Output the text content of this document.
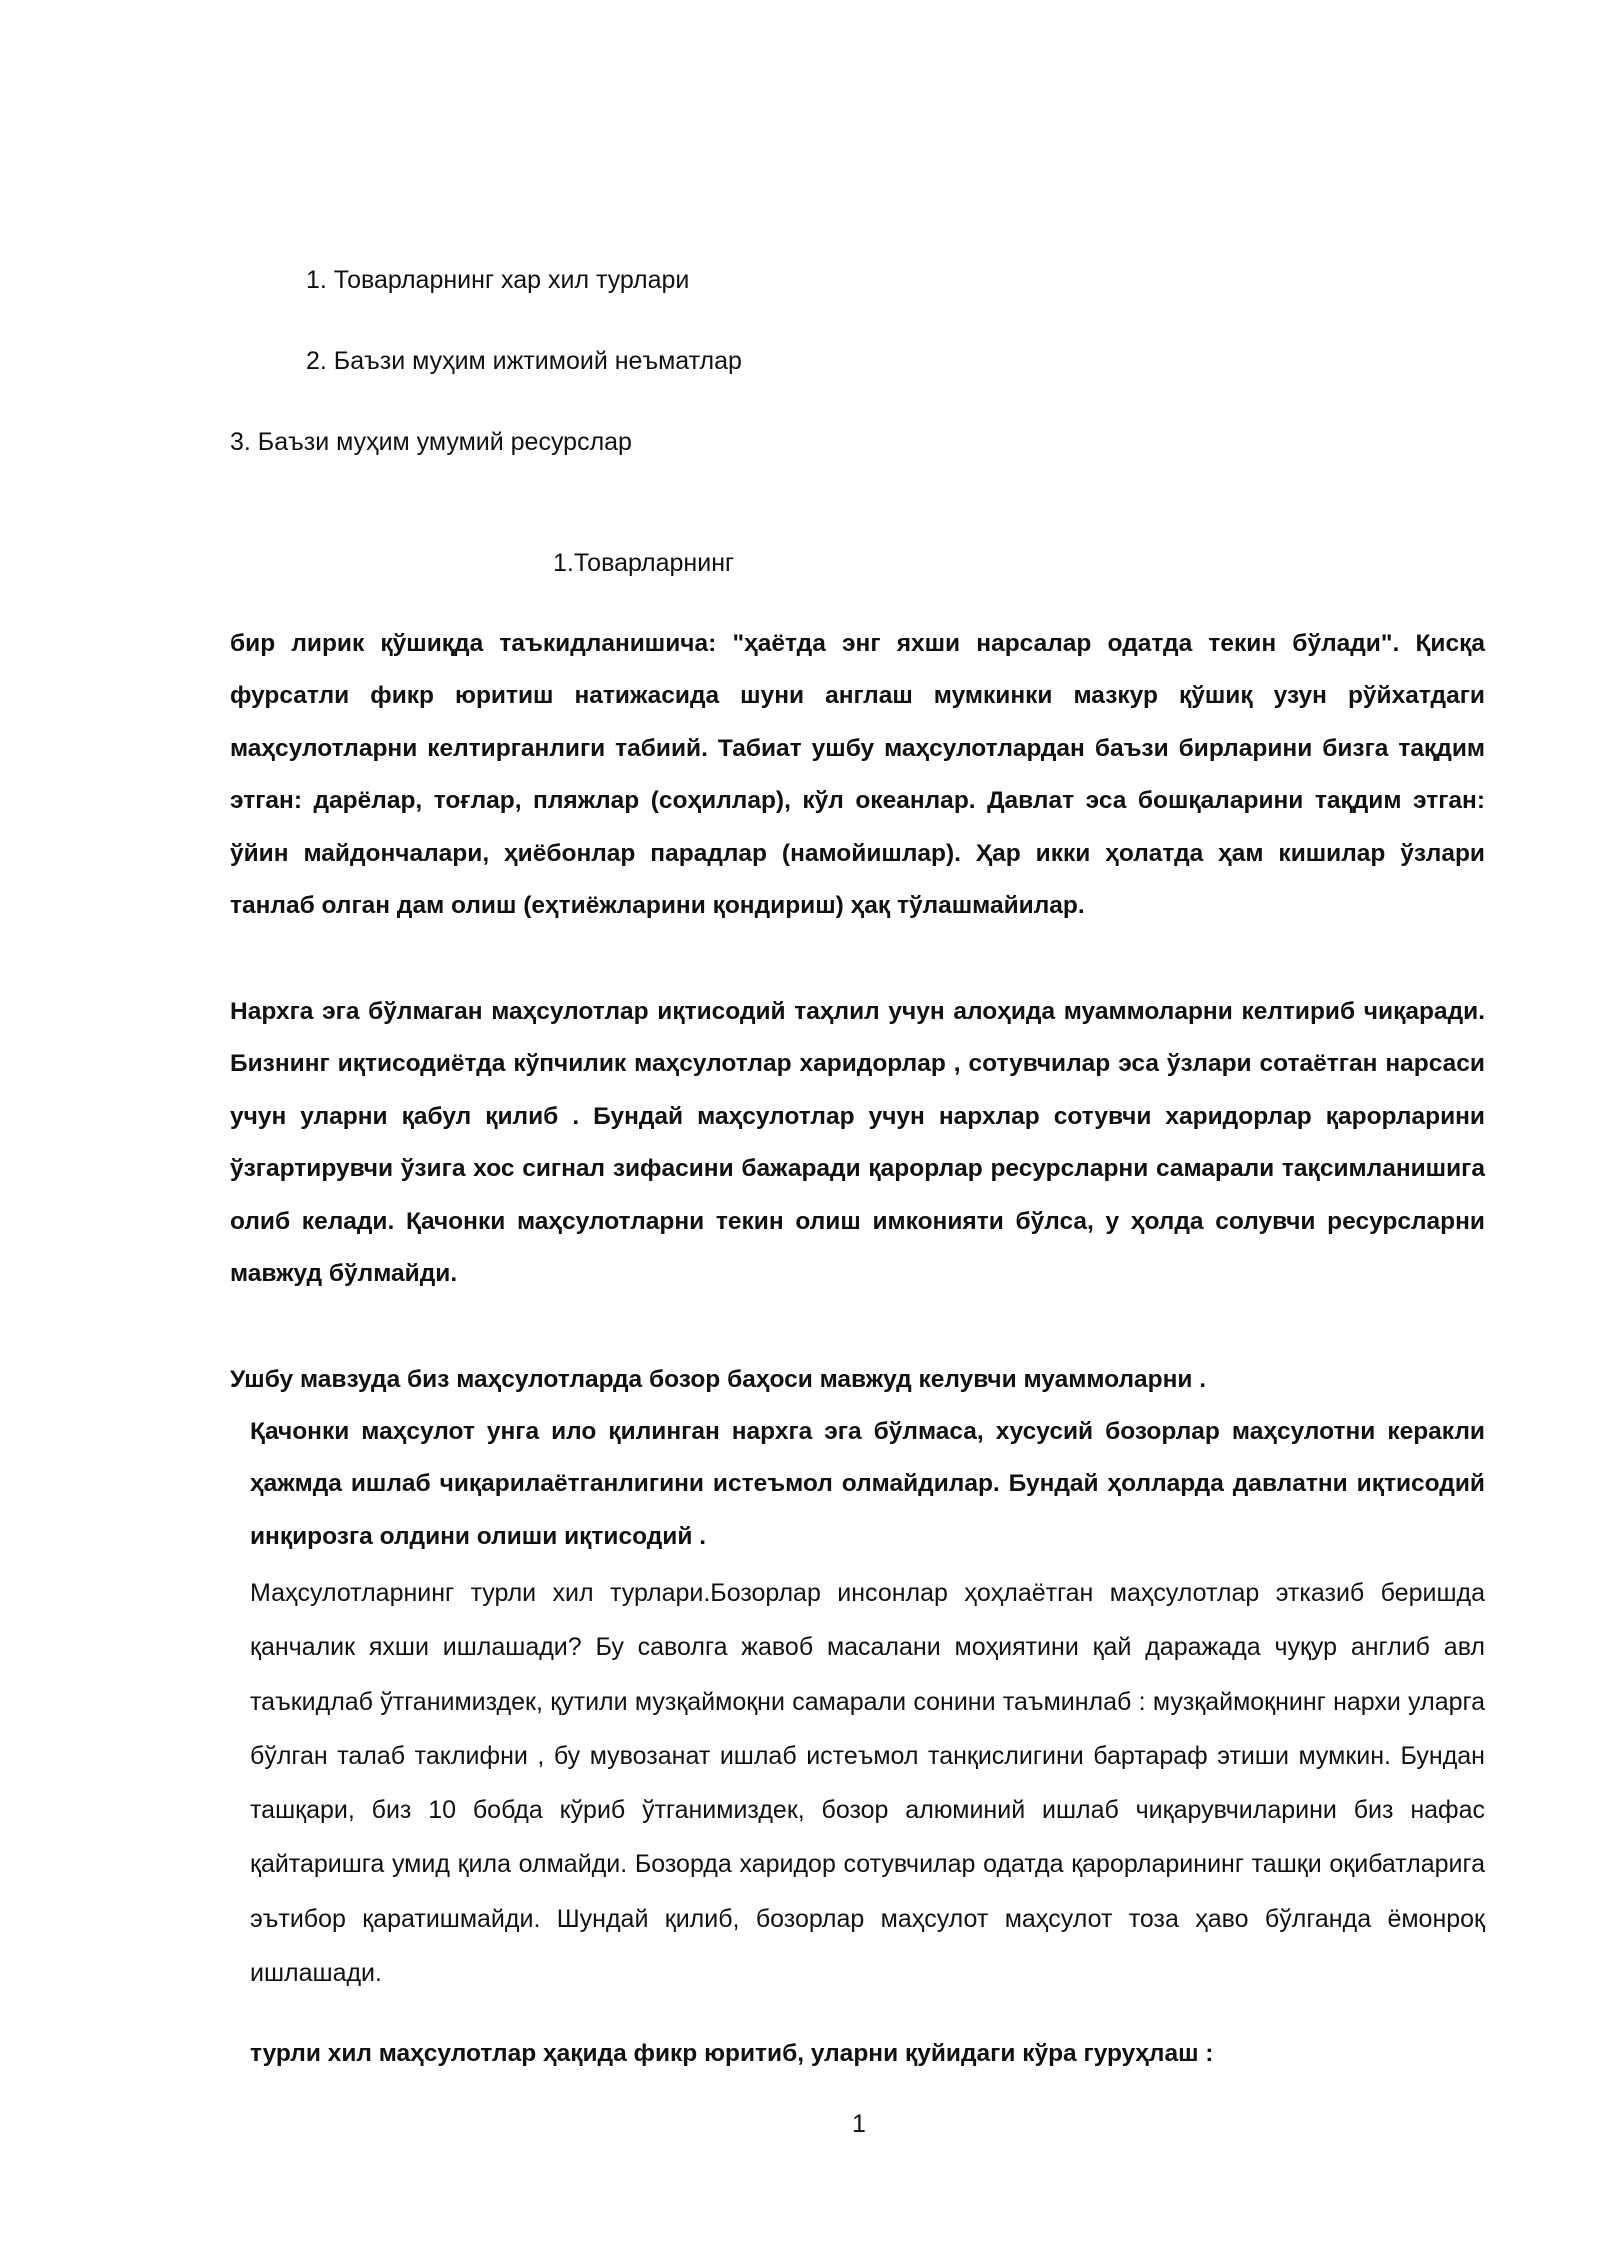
1. Товарларнинг хар хил турлари
2. Баъзи муҳим ижтимоий неъматлар
3. Баъзи муҳим умумий ресурслар
1.Товарларнинг

бир лирик қўшиқда таъкидланишича: "ҳаётда энг яхши нарсалар одатда текин бўлади". Қисқа фурсатли фикр юритиш натижасида шуни англаш мумкинки мазкур қўшиқ узун рўйхатдаги маҳсулотларни келтирганлиги табиий. Табиат ушбу маҳсулотлардан баъзи бирларини бизга тақдим этган: дарёлар, тоғлар, пляжлар (соҳиллар), кўл океанлар. Давлат эса бошқаларини тақдим этган: ўйин майдончалари, ҳиёбонлар парадлар (намойишлар). Ҳар икки ҳолатда ҳам кишилар ўзлари танлаб олган дам олиш (еҳтиёжларини қондириш) ҳақ тўлашмайилар.

Нархга эга бўлмаган маҳсулотлар иқтисодий таҳлил учун алоҳида муаммоларни келтириб чиқаради. Бизнинг иқтисодиётда кўпчилик маҳсулотлар харидорлар , сотувчилар эса ўзлари сотаётган нарсаси учун уларни қабул қилиб . Бундай маҳсулотлар учун нархлар сотувчи харидорлар қарорларини ўзгартирувчи ўзига хос сигнал зифасини бажаради қарорлар ресурсларни самарали тақсимланишига олиб келади. Қачонки маҳсулотларни текин олиш имконияти бўлса, у ҳолда солувчи ресурсларни мавжуд бўлмайди.

Ушбу мавзуда биз маҳсулотларда бозор баҳоси мавжуд келувчи муаммоларни .

Қачонки маҳсулот унга ило қилинган нархга эга бўлмаса, хусусий бозорлар маҳсулотни керакли ҳажмда ишлаб чиқарилаётганлигини истеъмол олмайдилар. Бундай ҳолларда давлатни иқтисодий инқирозга олдини олиши иқтисодий .

Маҳсулотларнинг турли хил турлари.Бозорлар инсонлар ҳоҳлаётган маҳсулотлар этказиб беришда қанчалик яхши ишлашади? Бу саволга жавоб масалани моҳиятини қай даражада чуқур англиб авл таъкидлаб ўтганимиздек, қутили музқаймоқни самарали сонини таъминлаб : музқаймоқнинг нархи уларга бўлган талаб таклифни , бу мувозанат ишлаб истеъмол танқислигини бартараф этиши мумкин. Бундан ташқари, биз 10 бобда кўриб ўтганимиздек, бозор алюминий ишлаб чиқарувчиларини биз нафас қайтаришга умид қила олмайди. Бозорда харидор сотувчилар одатда қарорларининг ташқи оқибатларига эътибор қаратишмайди. Шундай қилиб, бозорлар маҳсулот маҳсулот тоза ҳаво бўлганда ёмонроқ ишлашади.

турли хил маҳсулотлар ҳақида фикр юритиб, уларни қуйидаги кўра гуруҳлаш :

1
